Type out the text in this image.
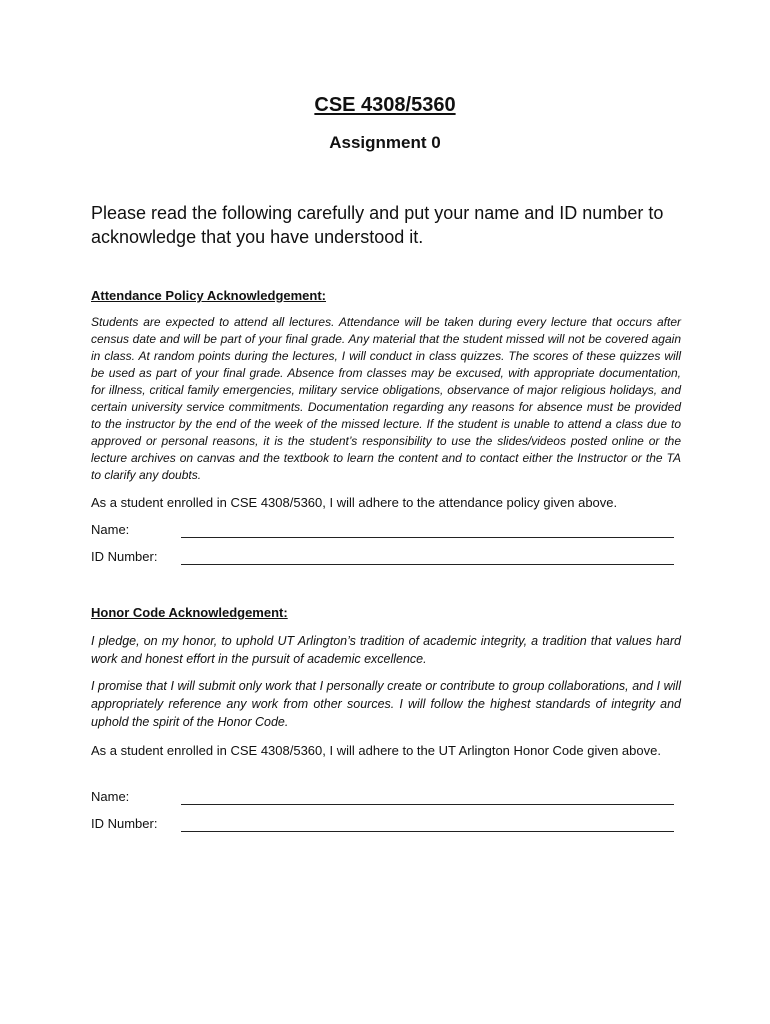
CSE 4308/5360
Assignment 0

Please read the following carefully and put your name and ID number to acknowledge that you have understood it.

Attendance Policy Acknowledgement:

Students are expected to attend all lectures. Attendance will be taken during every lecture that occurs after census date and will be part of your final grade. Any material that the student missed will not be covered again in class. At random points during the lectures, I will conduct in class quizzes. The scores of these quizzes will be used as part of your final grade. Absence from classes may be excused, with appropriate documentation, for illness, critical family emergencies, military service obligations, observance of major religious holidays, and certain university service commitments. Documentation regarding any reasons for absence must be provided to the instructor by the end of the week of the missed lecture. If the student is unable to attend a class due to approved or personal reasons, it is the student’s responsibility to use the slides/videos posted online or the lecture archives on canvas and the textbook to learn the content and to contact either the Instructor or the TA to clarify any doubts.

As a student enrolled in CSE 4308/5360, I will adhere to the attendance policy given above.

Name:
ID Number:
Honor Code Acknowledgement:

I pledge, on my honor, to uphold UT Arlington’s tradition of academic integrity, a tradition that values hard work and honest effort in the pursuit of academic excellence.

I promise that I will submit only work that I personally create or contribute to group collaborations, and I will appropriately reference any work from other sources. I will follow the highest standards of integrity and uphold the spirit of the Honor Code.

As a student enrolled in CSE 4308/5360, I will adhere to the UT Arlington Honor Code given above.

Name:
ID Number:
